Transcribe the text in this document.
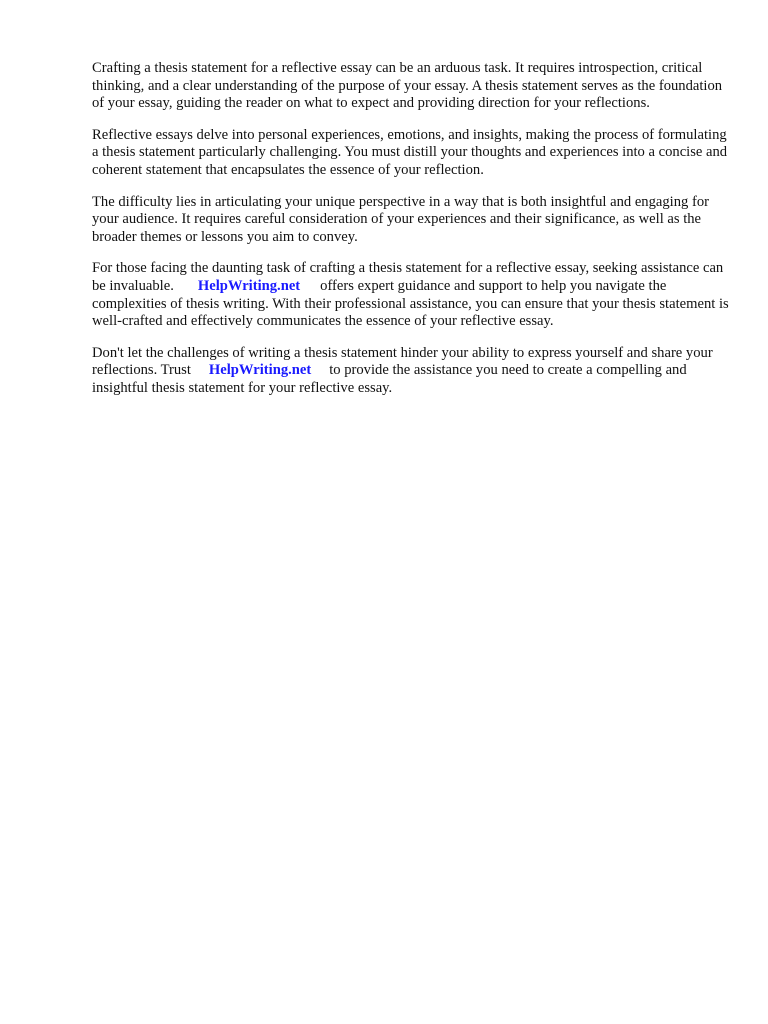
Crafting a thesis statement for a reflective essay can be an arduous task. It requires introspection, critical thinking, and a clear understanding of the purpose of your essay. A thesis statement serves as the foundation of your essay, guiding the reader on what to expect and providing direction for your reflections.

Reflective essays delve into personal experiences, emotions, and insights, making the process of formulating a thesis statement particularly challenging. You must distill your thoughts and experiences into a concise and coherent statement that encapsulates the essence of your reflection.

The difficulty lies in articulating your unique perspective in a way that is both insightful and engaging for your audience. It requires careful consideration of your experiences and their significance, as well as the broader themes or lessons you aim to convey.

For those facing the daunting task of crafting a thesis statement for a reflective essay, seeking assistance can be invaluable. HelpWriting.net offers expert guidance and support to help you navigate the complexities of thesis writing. With their professional assistance, you can ensure that your thesis statement is well-crafted and effectively communicates the essence of your reflective essay.

Don't let the challenges of writing a thesis statement hinder your ability to express yourself and share your reflections. Trust HelpWriting.net to provide the assistance you need to create a compelling and insightful thesis statement for your reflective essay.
